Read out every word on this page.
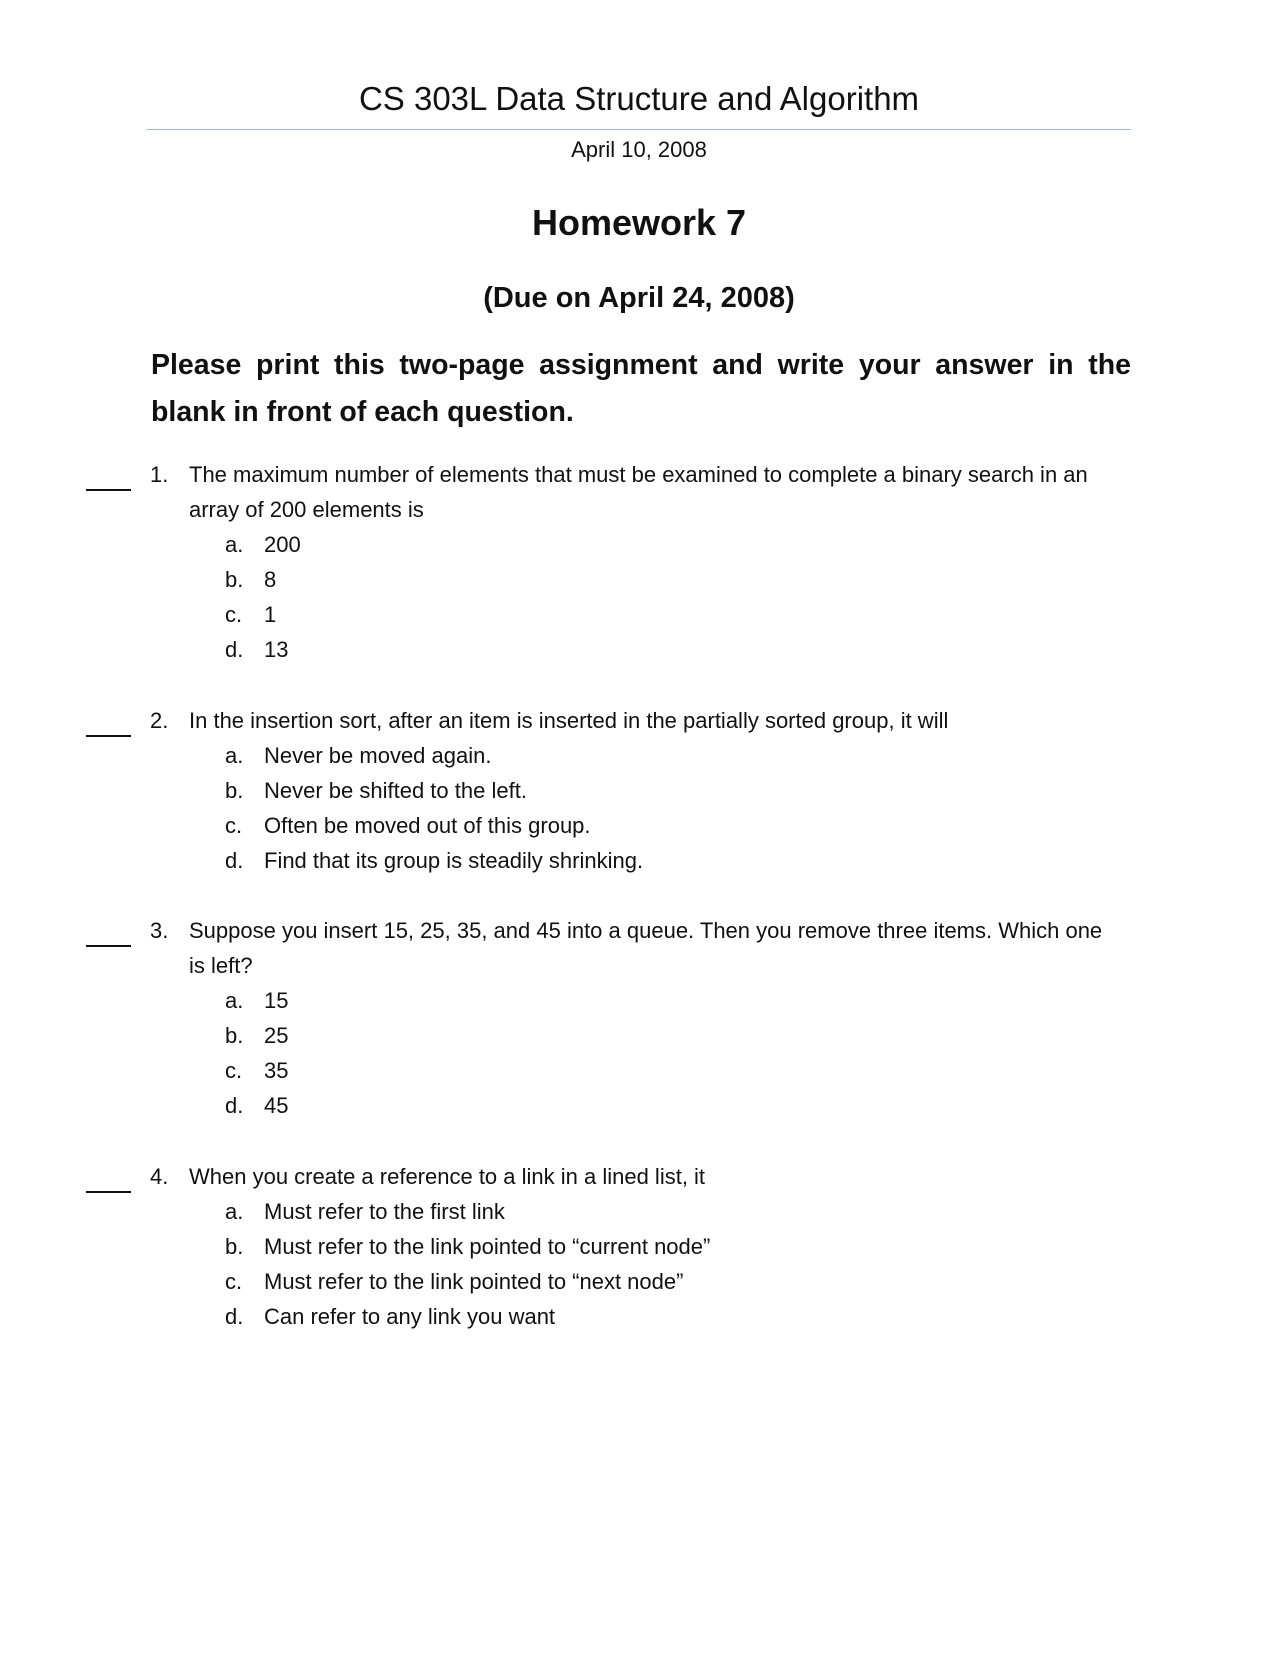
CS 303L Data Structure and Algorithm
April 10, 2008
Homework 7
(Due on April 24, 2008)
Please print this two-page assignment and write your answer in the blank in front of each question.
1. The maximum number of elements that must be examined to complete a binary search in an array of 200 elements is
a. 200
b. 8
c. 1
d. 13
2. In the insertion sort, after an item is inserted in the partially sorted group, it will
a. Never be moved again.
b. Never be shifted to the left.
c. Often be moved out of this group.
d. Find that its group is steadily shrinking.
3. Suppose you insert 15, 25, 35, and 45 into a queue. Then you remove three items. Which one is left?
a. 15
b. 25
c. 35
d. 45
4. When you create a reference to a link in a lined list, it
a. Must refer to the first link
b. Must refer to the link pointed to “current node”
c. Must refer to the link pointed to “next node”
d. Can refer to any link you want
